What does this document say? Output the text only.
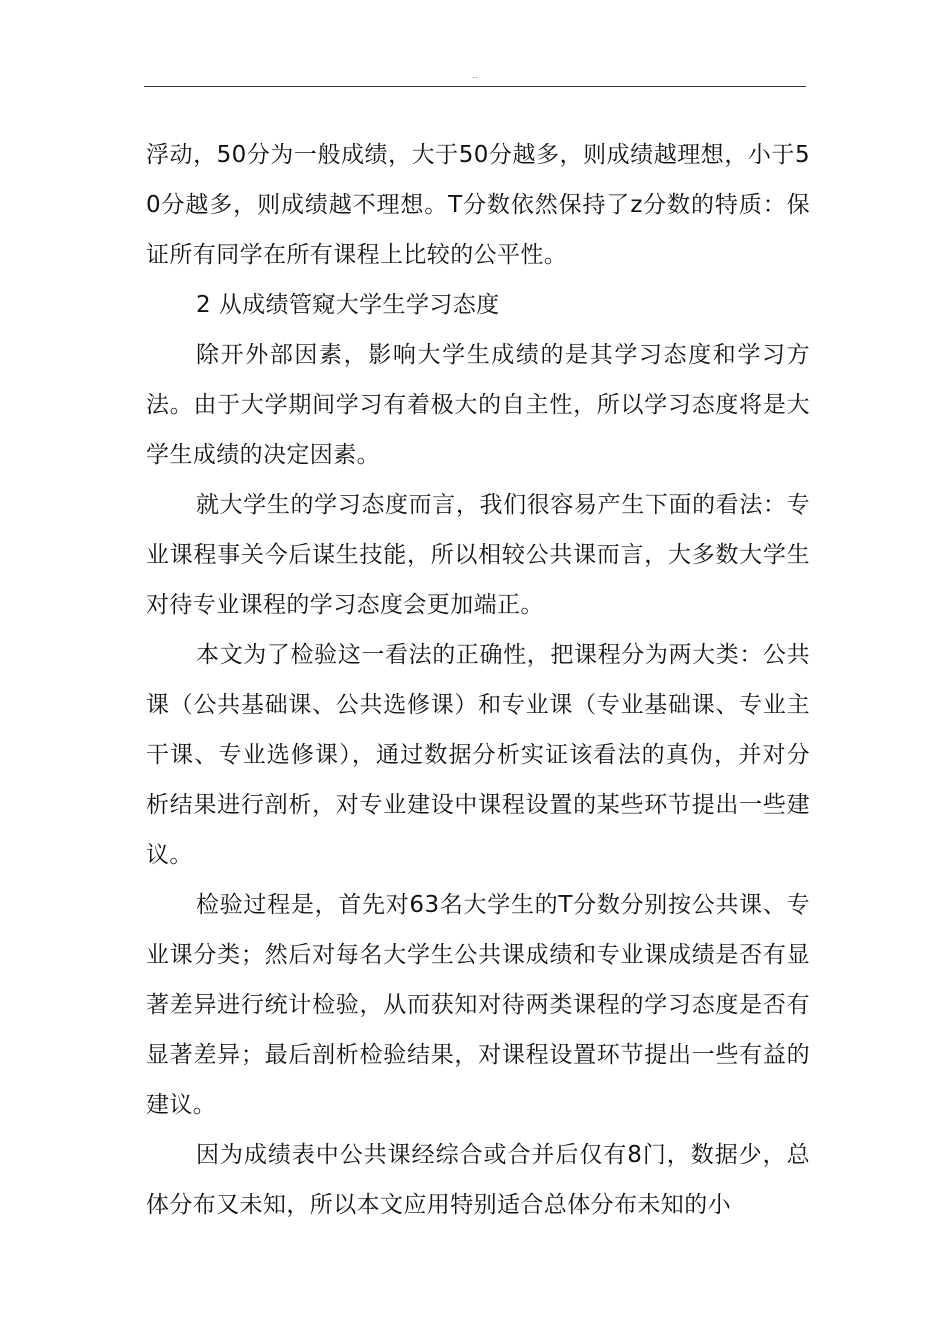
..

浮动，50分为一般成绩，大于50分越多，则成绩越理想，小于50分越多，则成绩越不理想。T分数依然保持了z分数的特质：保证所有同学在所有课程上比较的公平性。

2 从成绩管窥大学生学习态度

除开外部因素，影响大学生成绩的是其学习态度和学习方法。由于大学期间学习有着极大的自主性，所以学习态度将是大学生成绩的决定因素。

就大学生的学习态度而言，我们很容易产生下面的看法：专业课程事关今后谋生技能，所以相较公共课而言，大多数大学生对待专业课程的学习态度会更加端正。

本文为了检验这一看法的正确性，把课程分为两大类：公共课（公共基础课、公共选修课）和专业课（专业基础课、专业主干课、专业选修课），通过数据分析实证该看法的真伪，并对分析结果进行剖析，对专业建设中课程设置的某些环节提出一些建议。

检验过程是，首先对63名大学生的T分数分别按公共课、专业课分类；然后对每名大学生公共课成绩和专业课成绩是否有显著差异进行统计检验，从而获知对待两类课程的学习态度是否有显著差异；最后剖析检验结果，对课程设置环节提出一些有益的建议。

因为成绩表中公共课经综合或合并后仅有8门，数据少，总体分布又未知，所以本文应用特别适合总体分布未知的小
